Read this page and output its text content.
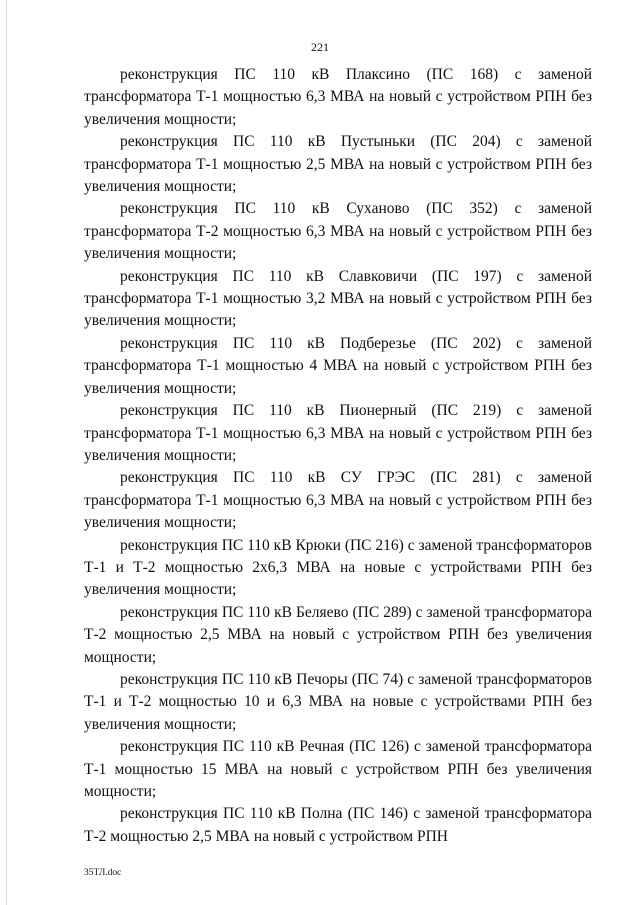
221

реконструкция ПС 110 кВ Плаксино (ПС 168) с заменой трансформатора Т-1 мощностью 6,3 МВА на новый с устройством РПН без увеличения мощности;

реконструкция ПС 110 кВ Пустыньки (ПС 204) с заменой трансформатора Т-1 мощностью 2,5 МВА на новый с устройством РПН без увеличения мощности;

реконструкция ПС 110 кВ Суханово (ПС 352) с заменой трансформатора Т-2 мощностью 6,3 МВА на новый с устройством РПН без увеличения мощности;

реконструкция ПС 110 кВ Славковичи (ПС 197) с заменой трансформатора Т-1 мощностью 3,2 МВА на новый с устройством РПН без увеличения мощности;

реконструкция ПС 110 кВ Подберезье (ПС 202) с заменой трансформатора Т-1 мощностью 4 МВА на новый с устройством РПН без увеличения мощности;

реконструкция ПС 110 кВ Пионерный (ПС 219) с заменой трансформатора Т-1 мощностью 6,3 МВА на новый с устройством РПН без увеличения мощности;

реконструкция ПС 110 кВ СУ ГРЭС (ПС 281) с заменой трансформатора Т-1 мощностью 6,3 МВА на новый с устройством РПН без увеличения мощности;

реконструкция ПС 110 кВ Крюки (ПС 216) с заменой трансформаторов Т-1 и Т-2 мощностью 2х6,3 МВА на новые с устройствами РПН без увеличения мощности;

реконструкция ПС 110 кВ Беляево (ПС 289) с заменой трансформатора Т-2 мощностью 2,5 МВА на новый с устройством РПН без увеличения мощности;

реконструкция ПС 110 кВ Печоры (ПС 74) с заменой трансформаторов Т-1 и Т-2 мощностью 10 и 6,3 МВА на новые с устройствами РПН без увеличения мощности;

реконструкция ПС 110 кВ Речная (ПС 126) с заменой трансформатора Т-1 мощностью 15 МВА на новый с устройством РПН без увеличения мощности;

реконструкция ПС 110 кВ Полна (ПС 146) с заменой трансформатора Т-2 мощностью 2,5 МВА на новый с устройством РПН

35ТЛ.doc
